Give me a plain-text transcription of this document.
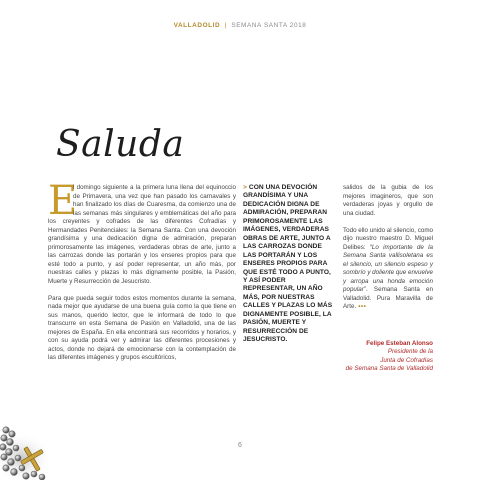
VALLADOLID | SEMANA SANTA 2018
Saluda
E
l domingo siguiente a la primera luna llena del equinoccio de Primavera, una vez que han pasado los carnavales y han finalizado los días de Cuaresma, da comienzo una de las semanas más singulares y emblemáticas del año para los creyentes y cofrades de las diferentes Cofradías y Hermandades Penitenciales: la Semana Santa. Con una devoción grandísima y una dedicación digna de admiración, preparan primorosamente las imágenes, verdaderas obras de arte, junto a las carrozas donde las portarán y los enseres propios para que esté todo a punto, y así poder representar, un año más, por nuestras calles y plazas lo más dignamente posible, la Pasión, Muerte y Resurrección de Jesucristo.
Para que pueda seguir todos estos momentos durante la semana, nada mejor que ayudarse de una buena guía como la que tiene en sus manos, querido lector, que le informará de todo lo que transcurre en esta Semana de Pasión en Valladolid, una de las mejores de España. En ella encontrará sus recorridos y horarios, y con su ayuda podrá ver y admirar las diferentes procesiones y actos, donde no dejará de emocionarse con la contemplación de las diferentes imágenes y grupos escultóricos,
> CON UNA DEVOCIÓN GRANDÍSIMA Y UNA DEDICACIÓN DIGNA DE ADMIRACIÓN, PREPARAN PRIMOROSAMENTE LAS IMÁGENES, VERDADERAS OBRAS DE ARTE, JUNTO A LAS CARROZAS DONDE LAS PORTARÁN Y LOS ENSERES PROPIOS PARA QUE ESTÉ TODO A PUNTO, Y ASÍ PODER REPRESENTAR, UN AÑO MÁS, POR NUESTRAS CALLES Y PLAZAS LO MÁS DIGNAMENTE POSIBLE, LA PASIÓN, MUERTE Y RESURRECCIÓN DE JESUCRISTO.
salidos de la gubia de los mejores imagineros, que son verdaderas joyas y orgullo de una ciudad.
Todo ello unido al silencio, como dijo nuestro maestro D. Miguel Delibes: “Lo importante de la Semana Santa vallisoletana es el silencio, un silencio espeso y sombrío y doliente que envuelve y arropa una honda emoción popular”. Semana Santa en Valladolid. Pura Maravilla de Arte. •••
Felipe Esteban Alonso
Presidente de la
Junta de Cofradías
de Semana Santa de Valladolid
6
